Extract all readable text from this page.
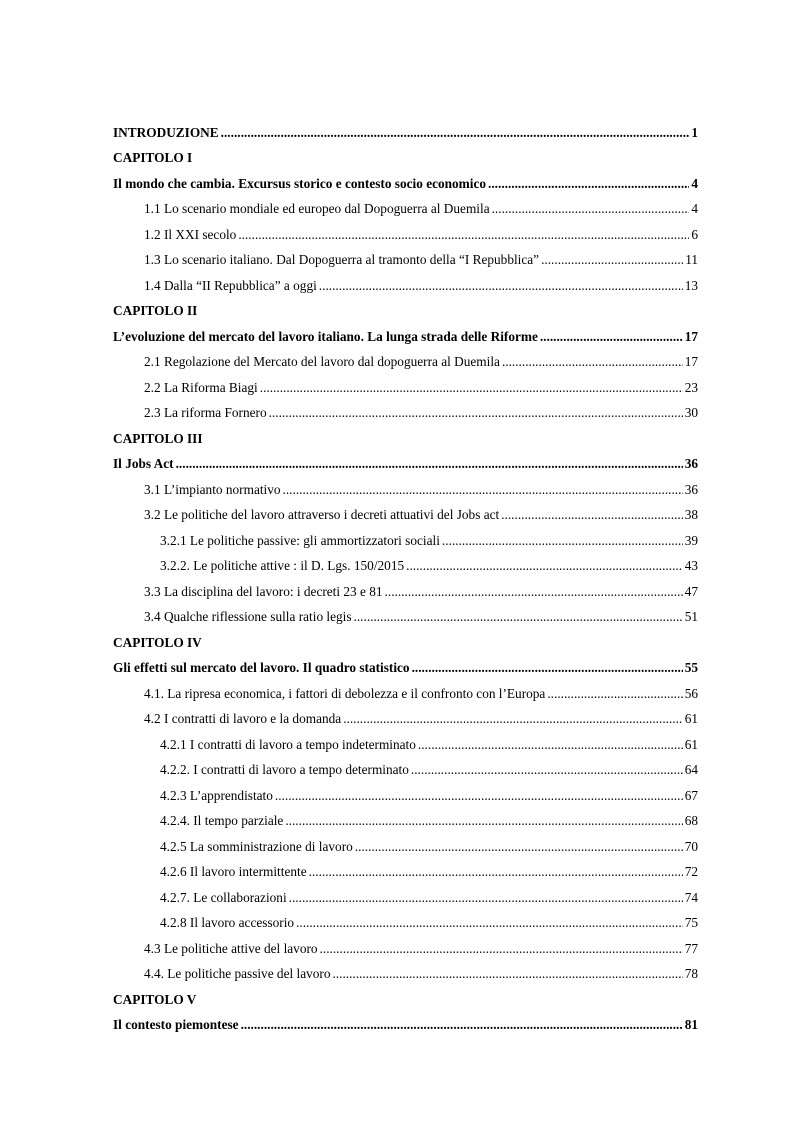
INTRODUZIONE .....	1
CAPITOLO I
Il mondo che cambia. Excursus storico e contesto socio economico .....	4
1.1 Lo scenario mondiale ed europeo dal Dopoguerra al Duemila .....	4
1.2 Il XXI secolo .....	6
1.3 Lo scenario italiano. Dal Dopoguerra al tramonto della “I Repubblica” .....	11
1.4 Dalla “II Repubblica” a oggi .....	13
CAPITOLO II
L’evoluzione del mercato del lavoro italiano. La lunga strada delle Riforme .....	17
2.1 Regolazione del Mercato del lavoro dal dopoguerra al Duemila .....	17
2.2 La Riforma Biagi .....	23
2.3 La riforma Fornero .....	30
CAPITOLO III
Il Jobs Act .....	36
3.1 L’impianto normativo .....	36
3.2 Le politiche del lavoro attraverso i decreti attuativi del Jobs act .....	38
3.2.1 Le politiche passive: gli ammortizzatori sociali .....	39
3.2.2. Le politiche attive : il D. Lgs. 150/2015 .....	43
3.3 La disciplina del lavoro: i decreti 23 e 81 .....	47
3.4 Qualche riflessione sulla ratio legis .....	51
CAPITOLO IV
Gli effetti sul mercato del lavoro. Il quadro statistico .....	55
4.1. La ripresa economica, i fattori di debolezza e il confronto con l’Europa .....	56
4.2 I contratti di lavoro e la domanda .....	61
4.2.1 I contratti di lavoro a tempo indeterminato .....	61
4.2.2. I contratti di lavoro a tempo determinato .....	64
4.2.3 L’apprendistato .....	67
4.2.4. Il tempo parziale .....	68
4.2.5 La somministrazione di lavoro .....	70
4.2.6 Il lavoro intermittente .....	72
4.2.7. Le collaborazioni .....	74
4.2.8 Il lavoro accessorio .....	75
4.3 Le politiche attive del lavoro .....	77
4.4. Le politiche passive del lavoro .....	78
CAPITOLO V
Il contesto piemontese .....	81
